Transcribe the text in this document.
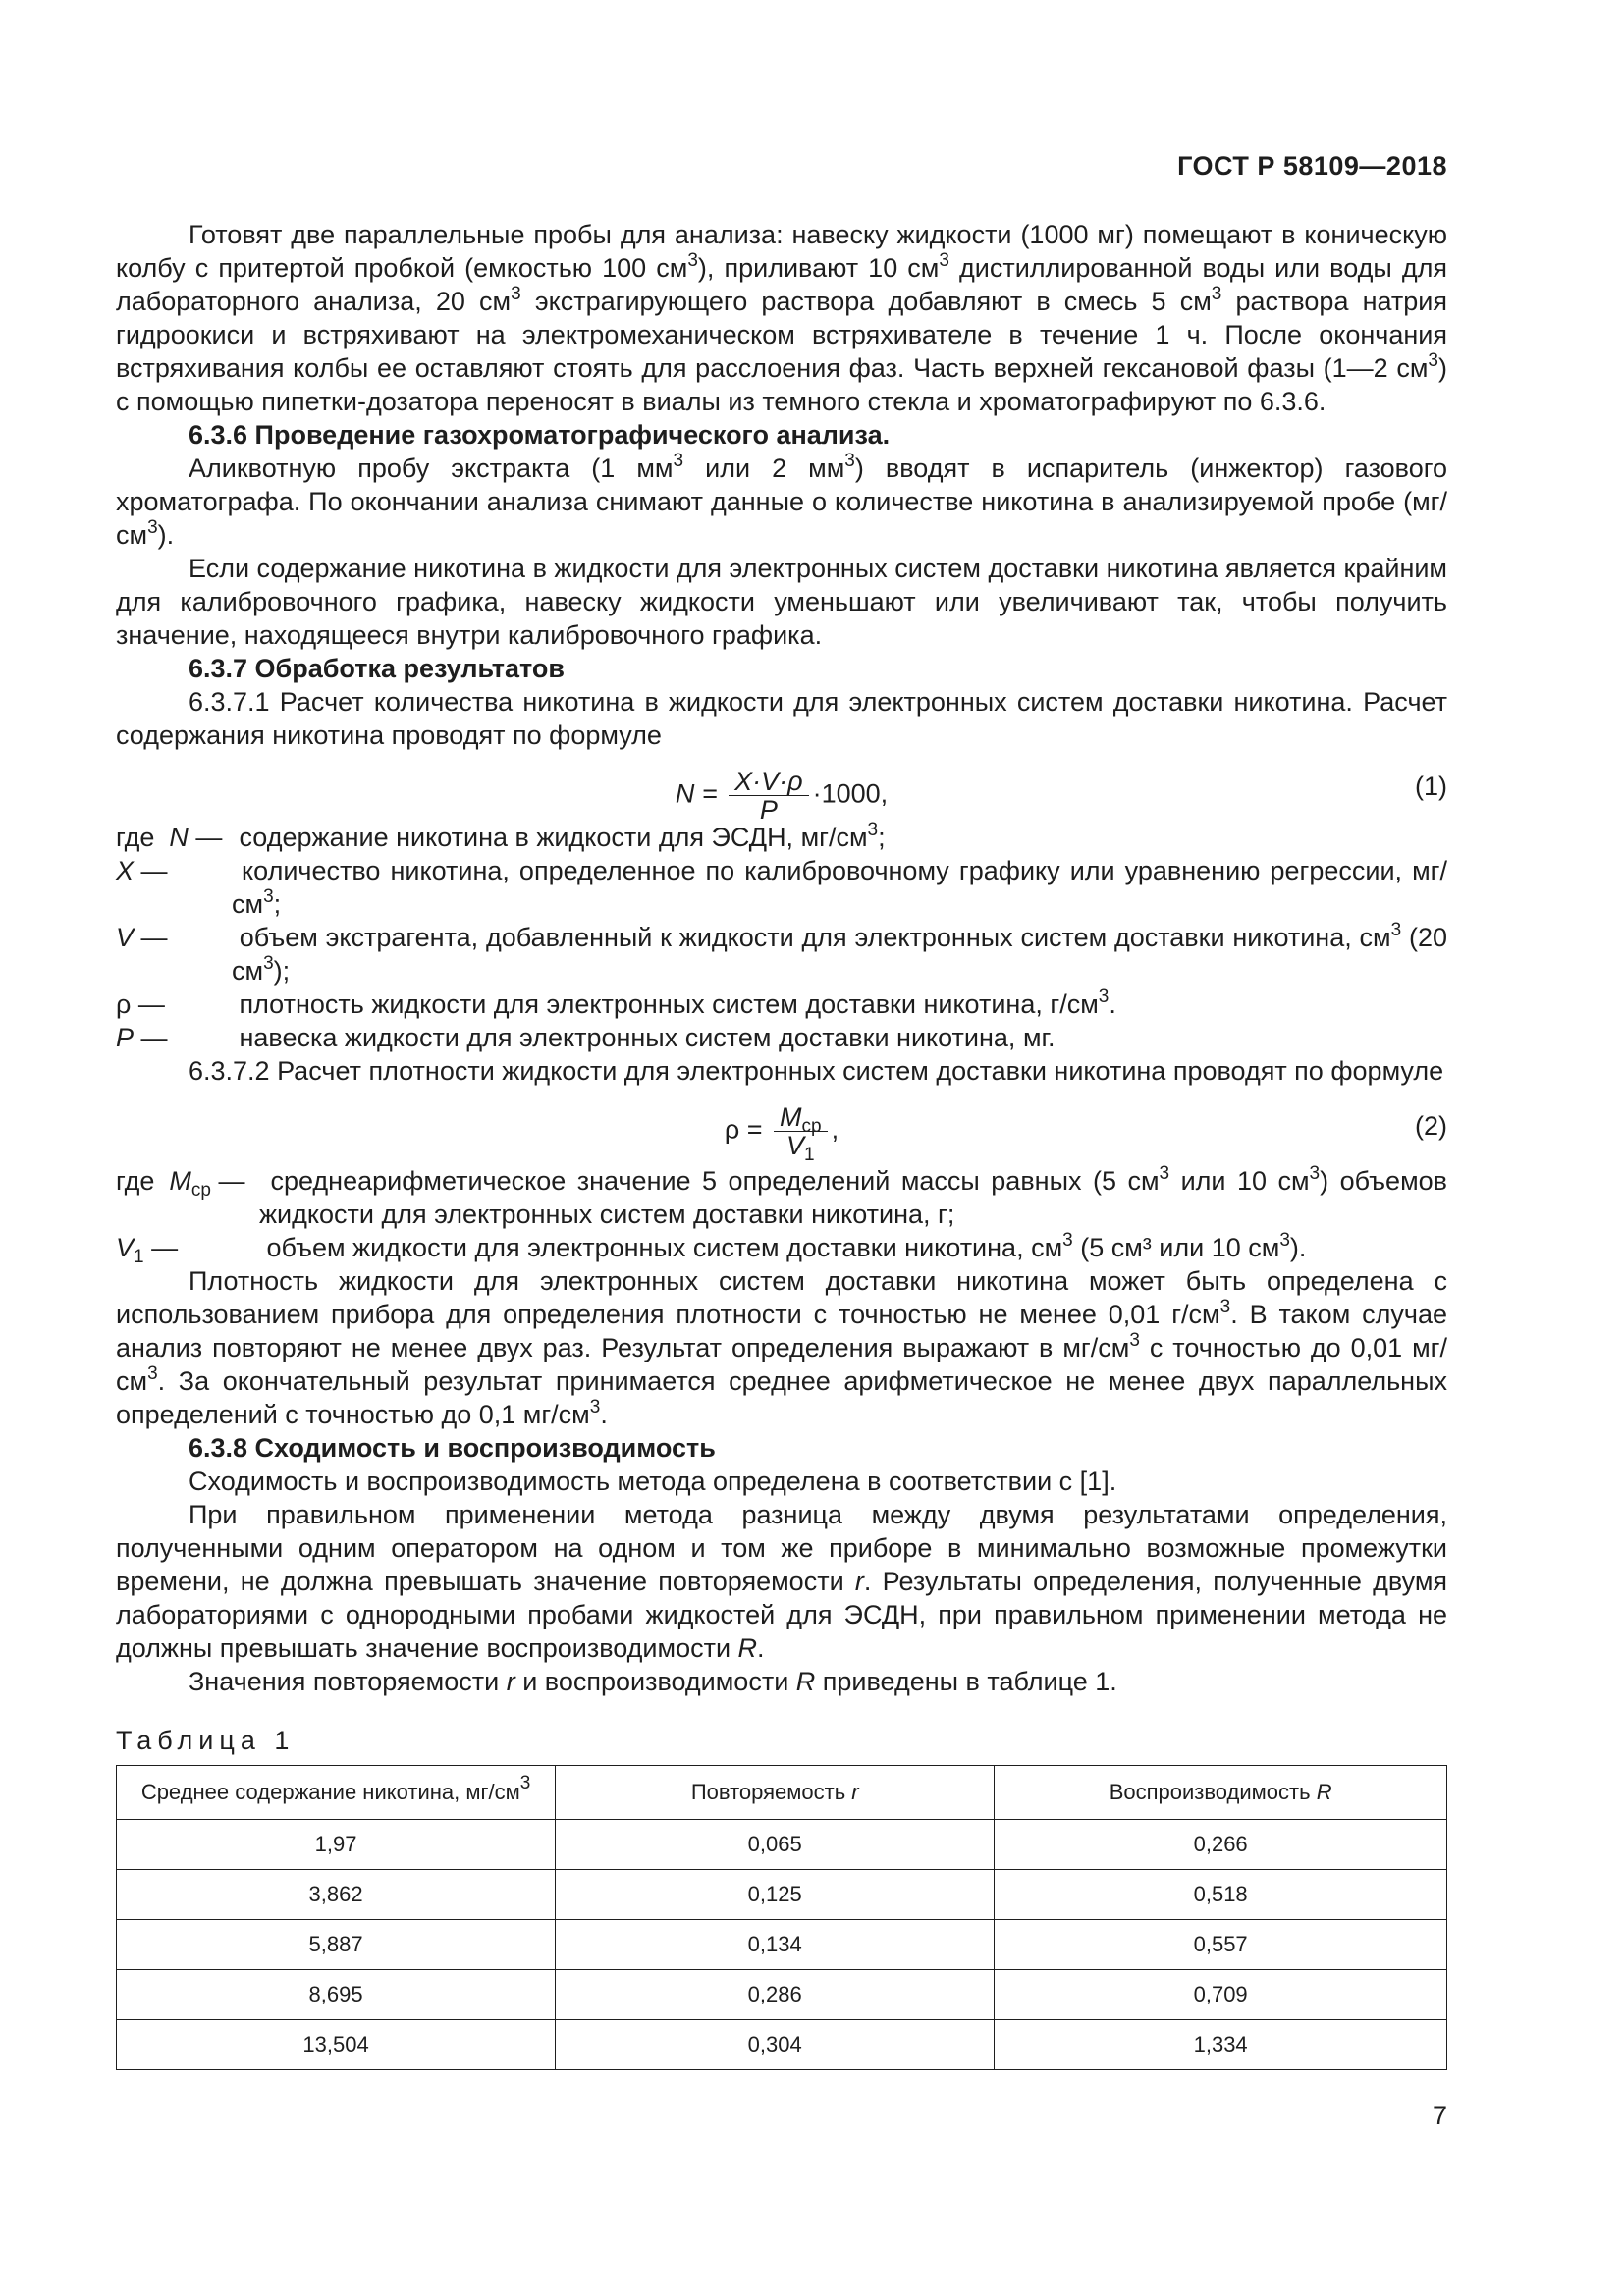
ГОСТ Р 58109—2018

Готовят две параллельные пробы для анализа: навеску жидкости (1000 мг) помещают в коническую колбу с притертой пробкой (емкостью 100 $см^3$), приливают 10 $см^3$ дистиллированной воды или воды для лабораторного анализа, 20 $см^3$ экстрагирующего раствора добавляют в смесь 5 $см^3$ раствора натрия гидроокиси и встряхивают на электромеханическом встряхивателе в течение 1 ч. После окончания встряхивания колбы ее оставляют стоять для расслоения фаз. Часть верхней гексановой фазы (1—2 $см^3$) с помощью пипетки-дозатора переносят в виалы из темного стекла и хроматографируют по 6.3.6.

6.3.6 Проведение газохроматографического анализа.

Аликвотную пробу экстракта (1 $мм^3$ или 2 $мм^3$) вводят в испаритель (инжектор) газового хроматографа. По окончании анализа снимают данные о количестве никотина в анализируемой пробе $(мг/см^3)$.

Если содержание никотина в жидкости для электронных систем доставки никотина является крайним для калибровочного графика, навеску жидкости уменьшают или увеличивают так, чтобы получить значение, находящееся внутри калибровочного графика.

6.3.7 Обработка результатов

6.3.7.1 Расчет количества никотина в жидкости для электронных систем доставки никотина. Расчет содержания никотина проводят по формуле

$N = \frac{X\cdot V\cdot\rho}{P} \cdot 1000$,	(1)

где  N — содержание никотина в жидкости для ЭСДН, $мг/см^3$;

X —	количество никотина, определенное по калибровочному графику или уравнению регрессии, $мг/см^3$;

V —	объем экстрагента, добавленный к жидкости для электронных систем доставки никотина, $см^3$ (20 $см^3$);

ρ —	плотность жидкости для электронных систем доставки никотина, $г/см^3$.

P —	навеска жидкости для электронных систем доставки никотина, мг.

6.3.7.2 Расчет плотности жидкости для электронных систем доставки никотина проводят по формуле

$\rho = \frac{M_{ср}}{V_1}$ ,	(2)

где  $M_{ср}$ — среднеарифметическое значение 5 определений массы равных (5 $см^3$ или 10 $см^3$) объемов жидкости для электронных систем доставки никотина, г;

$V_1$ —	объем жидкости для электронных систем доставки никотина, $см^3$ (5 см³ или 10 $см^3$).

Плотность жидкости для электронных систем доставки никотина может быть определена с использованием прибора для определения плотности с точностью не менее 0,01 $г/см^3$. В таком случае анализ повторяют не менее двух раз. Результат определения выражают в $мг/см^3$ с точностью до 0,01 $мг/см^3$. За окончательный результат принимается среднее арифметическое не менее двух параллельных определений с точностью до 0,1 $мг/см^3$.

6.3.8 Сходимость и воспроизводимость

Сходимость и воспроизводимость метода определена в соответствии с [1].

При правильном применении метода разница между двумя результатами определения, полученными одним оператором на одном и том же приборе в минимально возможные промежутки времени, не должна превышать значение повторяемости r. Результаты определения, полученные двумя лабораториями с однородными пробами жидкостей для ЭСДН, при правильном применении метода не должны превышать значение воспроизводимости R.

Значения повторяемости r и воспроизводимости R приведены в таблице 1.

Таблица 1

Среднее содержание никотина, $мг/см^3$	Повторяемость r	Воспроизводимость R
1,97	0,065	0,266
3,862	0,125	0,518
5,887	0,134	0,557
8,695	0,286	0,709
13,504	0,304	1,334
7
